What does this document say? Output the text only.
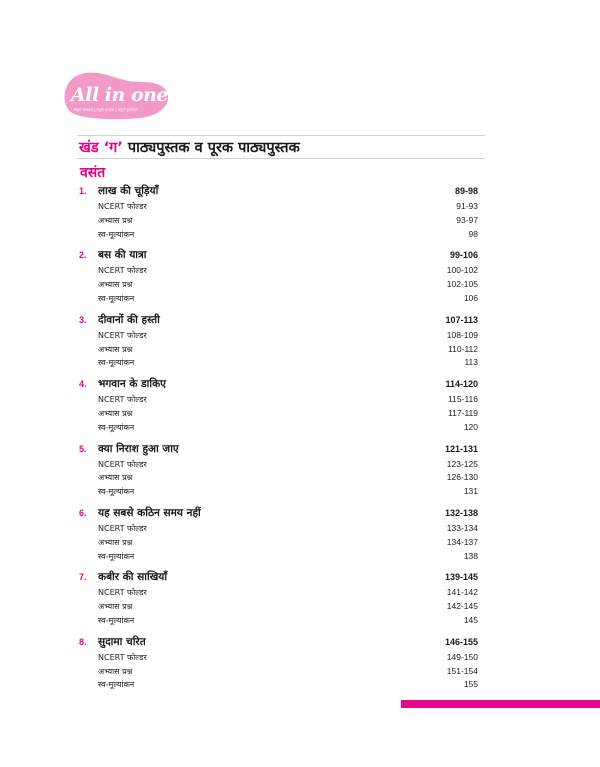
All in one
संपूर्ण समाधान | संपूर्ण अभ्यास | संपूर्ण मूल्यांकन
खंड ‘ग’ पाठ्यपुस्तक व पूरक पाठ्यपुस्तक
वसंत
1.	लाख की चूड़ियाँ	89-98
NCERT फोल्डर	91-93
अभ्यास प्रश्न	93-97
स्व-मूल्यांकन	98
2.	बस की यात्रा	99-106
NCERT फोल्डर	100-102
अभ्यास प्रश्न	102-105
स्व-मूल्यांकन	106
3.	दीवानों की हस्ती	107-113
NCERT फोल्डर	108-109
अभ्यास प्रश्न	110-112
स्व-मूल्यांकन	113
4.	भगवान के डाकिए	114-120
NCERT फोल्डर	115-116
अभ्यास प्रश्न	117-119
स्व-मूल्यांकन	120
5.	क्या निराश हुआ जाए	121-131
NCERT फोल्डर	123-125
अभ्यास प्रश्न	126-130
स्व-मूल्यांकन	131
6.	यह सबसे कठिन समय नहीं	132-138
NCERT फोल्डर	133-134
अभ्यास प्रश्न	134-137
स्व-मूल्यांकन	138
7.	कबीर की साखियाँ	139-145
NCERT फोल्डर	141-142
अभ्यास प्रश्न	142-145
स्व-मूल्यांकन	145
8.	सुदामा चरित	146-155
NCERT फोल्डर	149-150
अभ्यास प्रश्न	151-154
स्व-मूल्यांकन	155
